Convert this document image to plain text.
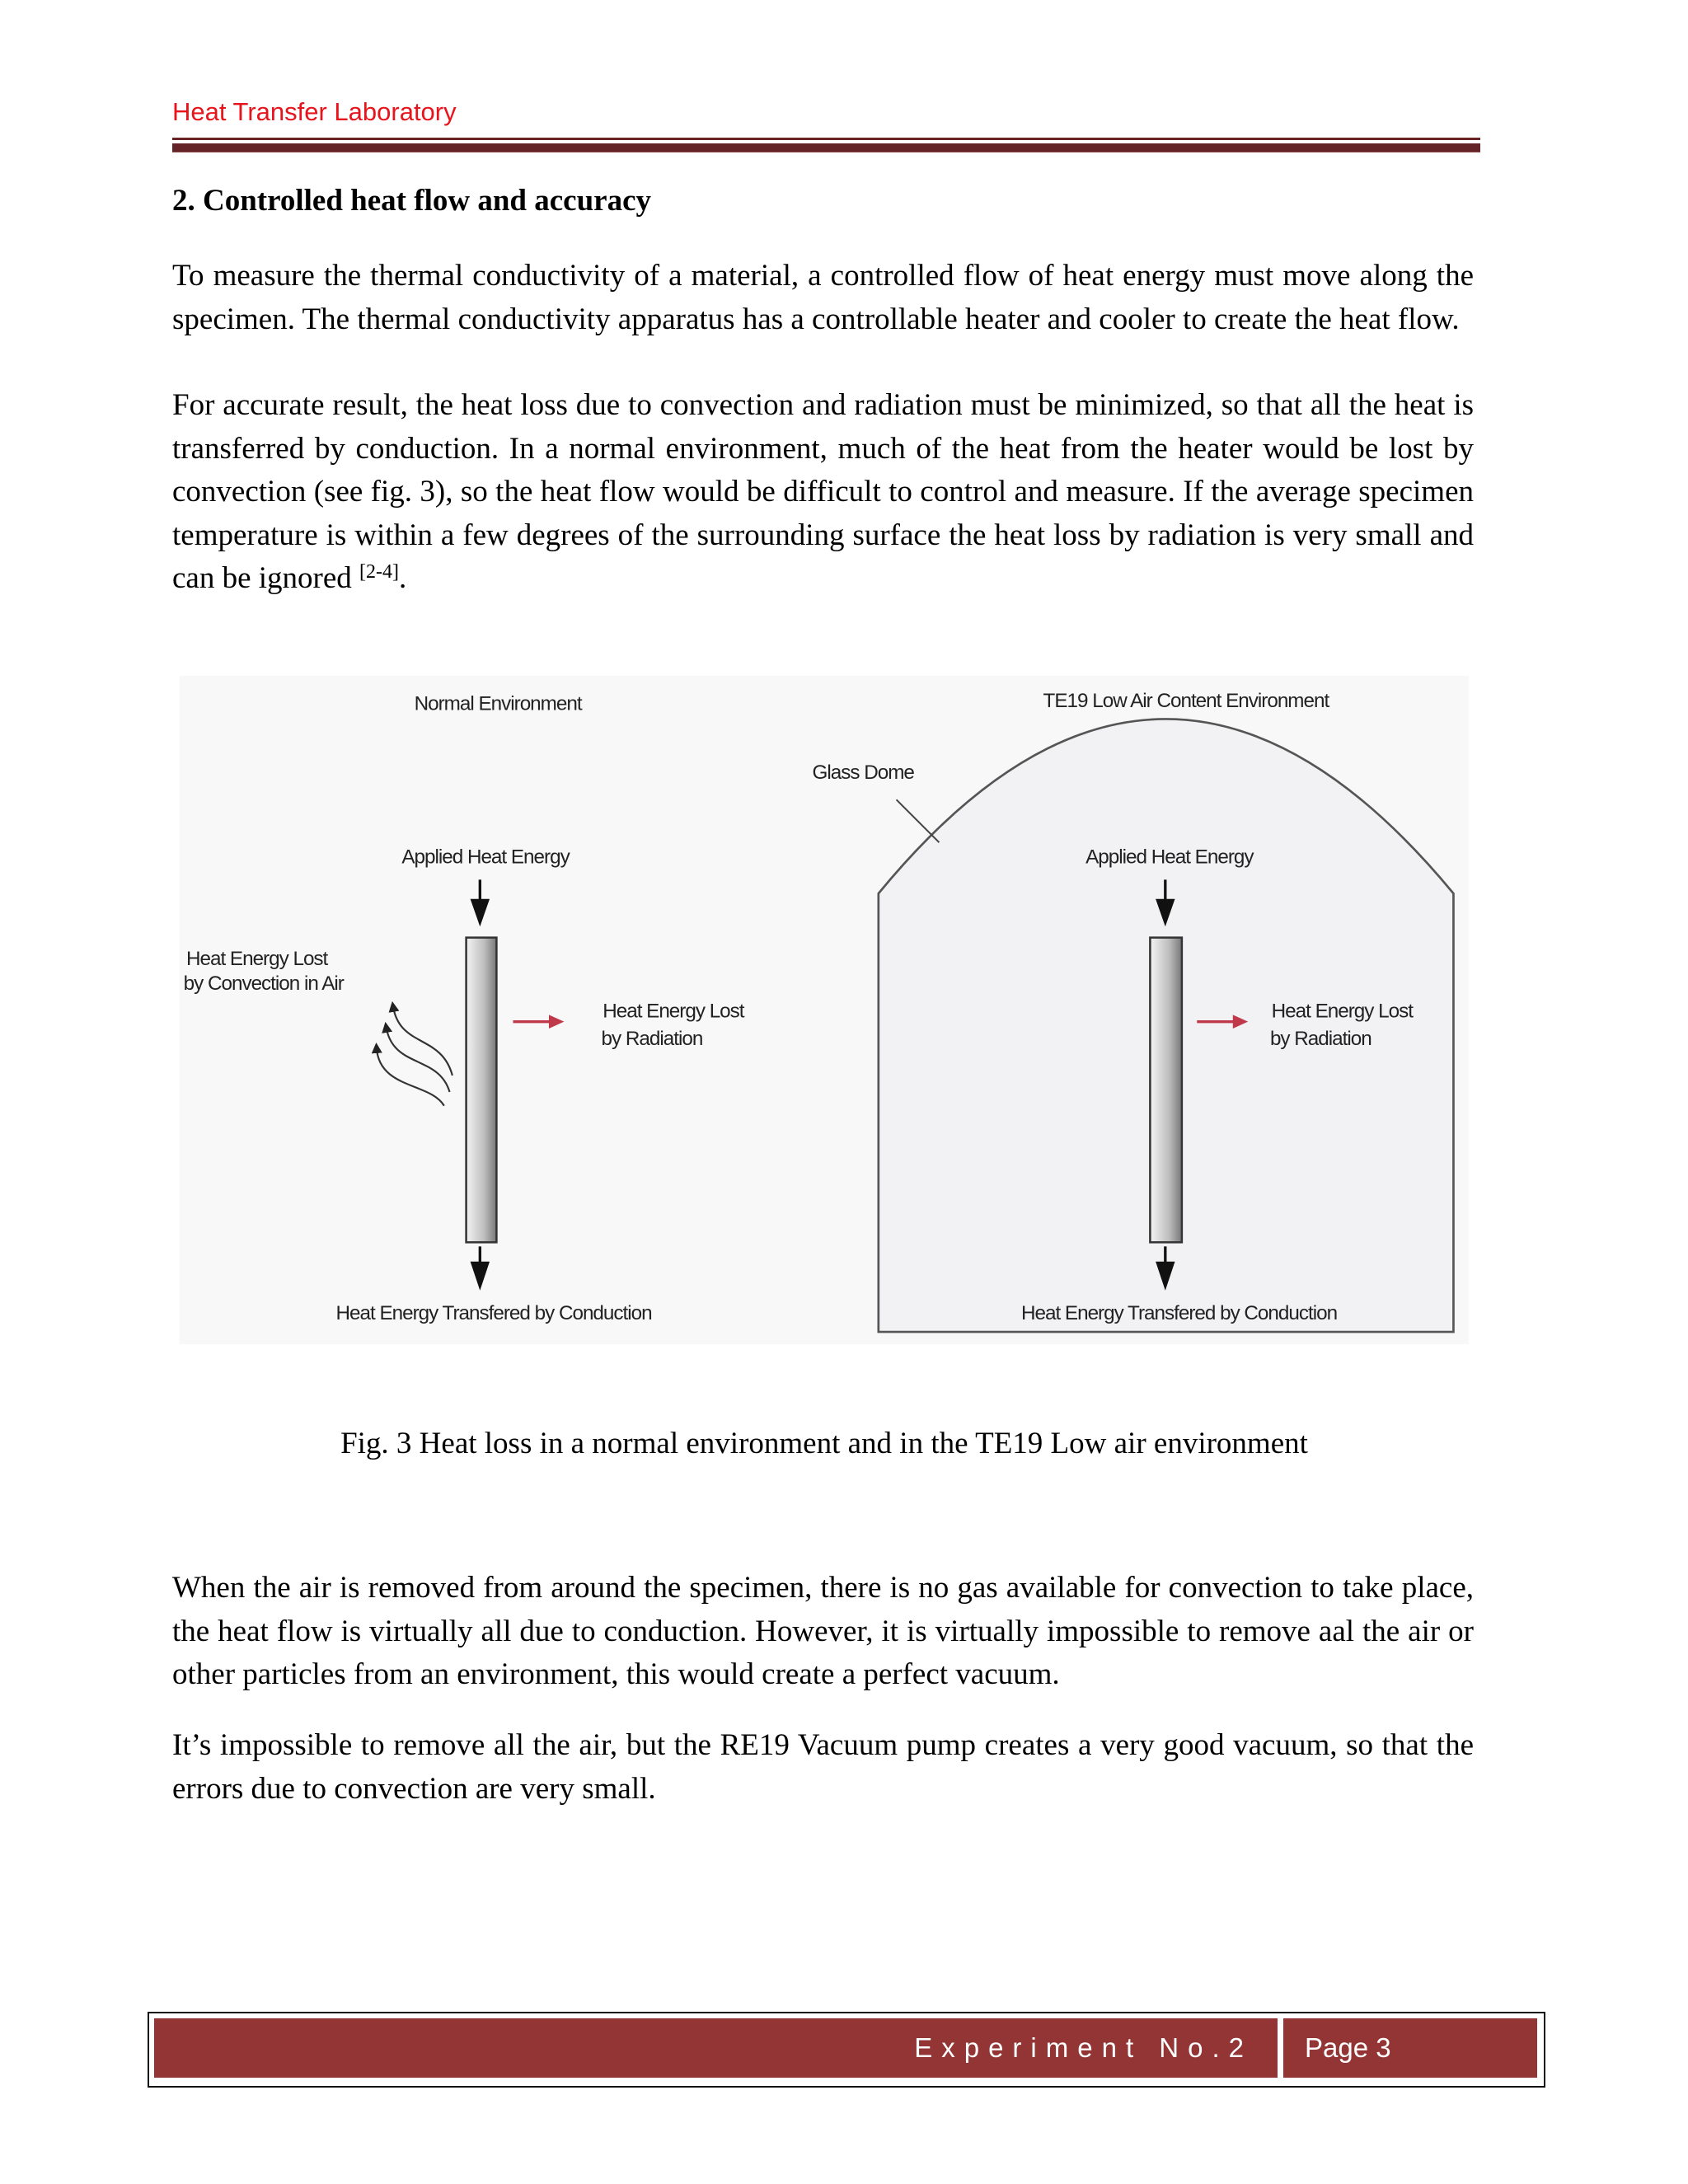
Heat Transfer Laboratory
2. Controlled heat flow and accuracy

To measure the thermal conductivity of a material, a controlled flow of heat energy must move along the specimen. The thermal conductivity apparatus has a controllable heater and cooler to create the heat flow.

For accurate result, the heat loss due to convection and radiation must be minimized, so that all the heat is transferred by conduction. In a normal environment, much of the heat from the heater would be lost by convection (see fig. 3), so the heat flow would be difficult to control and measure. If the average specimen temperature is within a few degrees of the surrounding surface the heat loss by radiation is very small and can be ignored [2-4].

Normal Environment
Applied Heat Energy
Heat Energy Transfered by Conduction
Heat Energy Lost
by Convection in Air
Heat Energy Lost
by Radiation
TE19 Low Air Content Environment
Glass Dome
Applied Heat Energy
Heat Energy Transfered by Conduction
Heat Energy Lost
by Radiation
Fig. 3 Heat loss in a normal environment and in the TE19 Low air environment

When the air is removed from around the specimen, there is no gas available for convection to take place, the heat flow is virtually all due to conduction. However, it is virtually impossible to remove aal the air or other particles from an environment, this would create a perfect vacuum.

It’s impossible to remove all the air, but the RE19 Vacuum pump creates a very good vacuum, so that the errors due to convection are very small.

Experiment No.2	Page 3
